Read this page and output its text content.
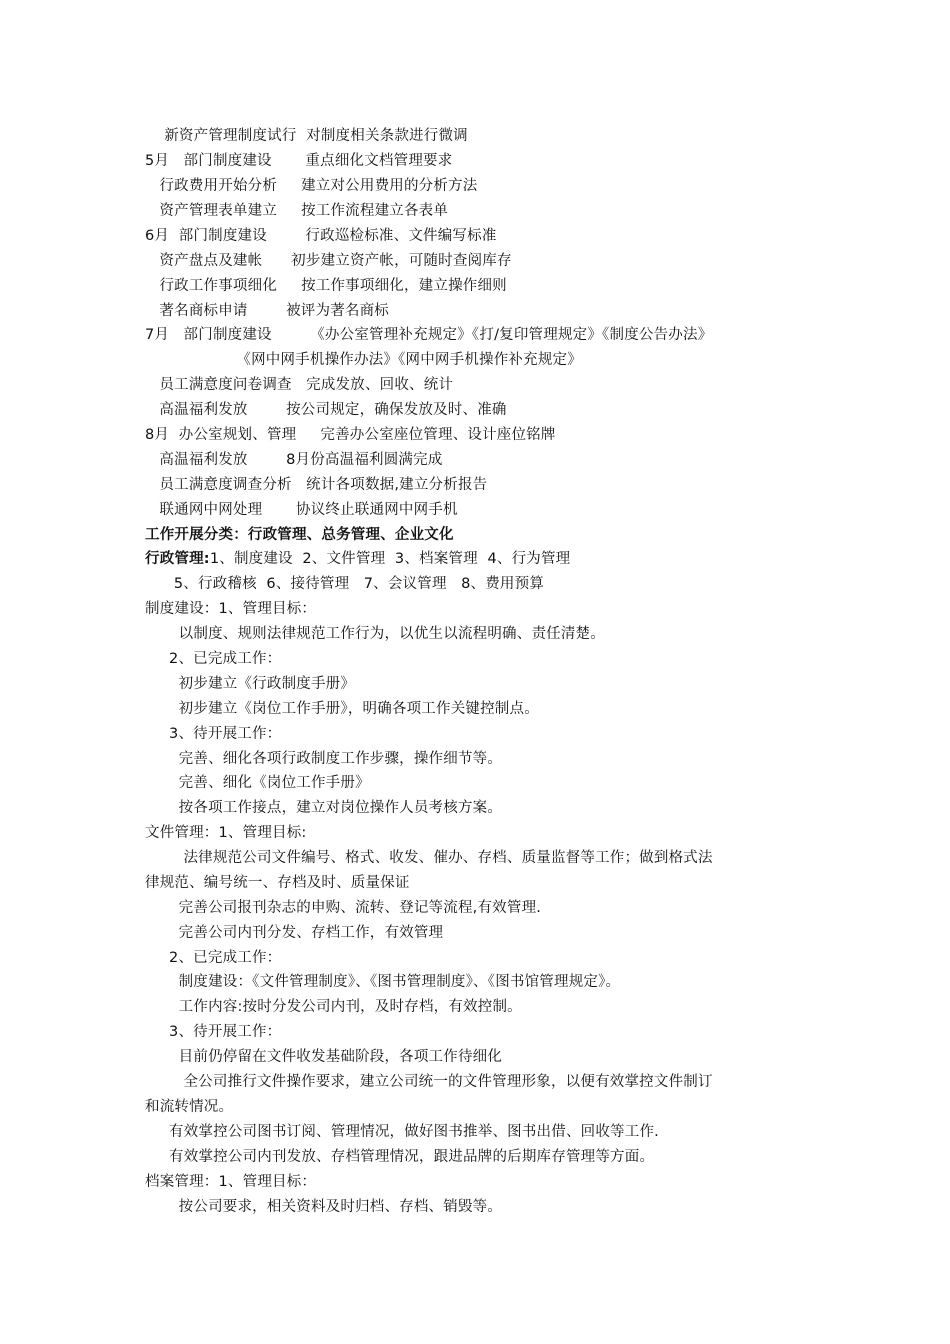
新资产管理制度试行  对制度相关条款进行微调
5月   部门制度建设       重点细化文档管理要求
行政费用开始分析     建立对公用费用的分析方法
资产管理表单建立     按工作流程建立各表单
6月  部门制度建设        行政巡检标准、文件编写标准
资产盘点及建帐      初步建立资产帐，可随时查阅库存
行政工作事项细化     按工作事项细化，建立操作细则
著名商标申请        被评为著名商标
7月   部门制度建设        《办公室管理补充规定》《打/复印管理规定》《制度公告办法》
《网中网手机操作办法》《网中网手机操作补充规定》
员工满意度问卷调查   完成发放、回收、统计
高温福利发放        按公司规定，确保发放及时、准确
8月  办公室规划、管理     完善办公室座位管理、设计座位铭牌
高温福利发放        8月份高温福利圆满完成
员工满意度调查分析   统计各项数据,建立分析报告
联通网中网处理       协议终止联通网中网手机
工作开展分类：行政管理、总务管理、企业文化
行政管理:1、制度建设  2、文件管理  3、档案管理  4、行为管理
5、行政稽核  6、接待管理   7、会议管理   8、费用预算
制度建设：1、管理目标：
以制度、规则法律规范工作行为，以优生以流程明确、责任清楚。
2、已完成工作：
初步建立《行政制度手册》
初步建立《岗位工作手册》，明确各项工作关键控制点。
3、待开展工作：
完善、细化各项行政制度工作步骤，操作细节等。
完善、细化《岗位工作手册》
按各项工作接点，建立对岗位操作人员考核方案。
文件管理：1、管理目标:
法律规范公司文件编号、格式、收发、催办、存档、质量监督等工作；做到格式法
律规范、编号统一、存档及时、质量保证
完善公司报刊杂志的申购、流转、登记等流程,有效管理.
完善公司内刊分发、存档工作，有效管理
2、已完成工作：
制度建设：《文件管理制度》、《图书管理制度》、《图书馆管理规定》。
工作内容:按时分发公司内刊，及时存档，有效控制。
3、待开展工作：
目前仍停留在文件收发基础阶段，各项工作待细化
全公司推行文件操作要求，建立公司统一的文件管理形象，以便有效掌控文件制订
和流转情况。
有效掌控公司图书订阅、管理情况，做好图书推举、图书出借、回收等工作.
有效掌控公司内刊发放、存档管理情况，跟进品牌的后期库存管理等方面。
档案管理：1、管理目标：
按公司要求，相关资料及时归档、存档、销毁等。
